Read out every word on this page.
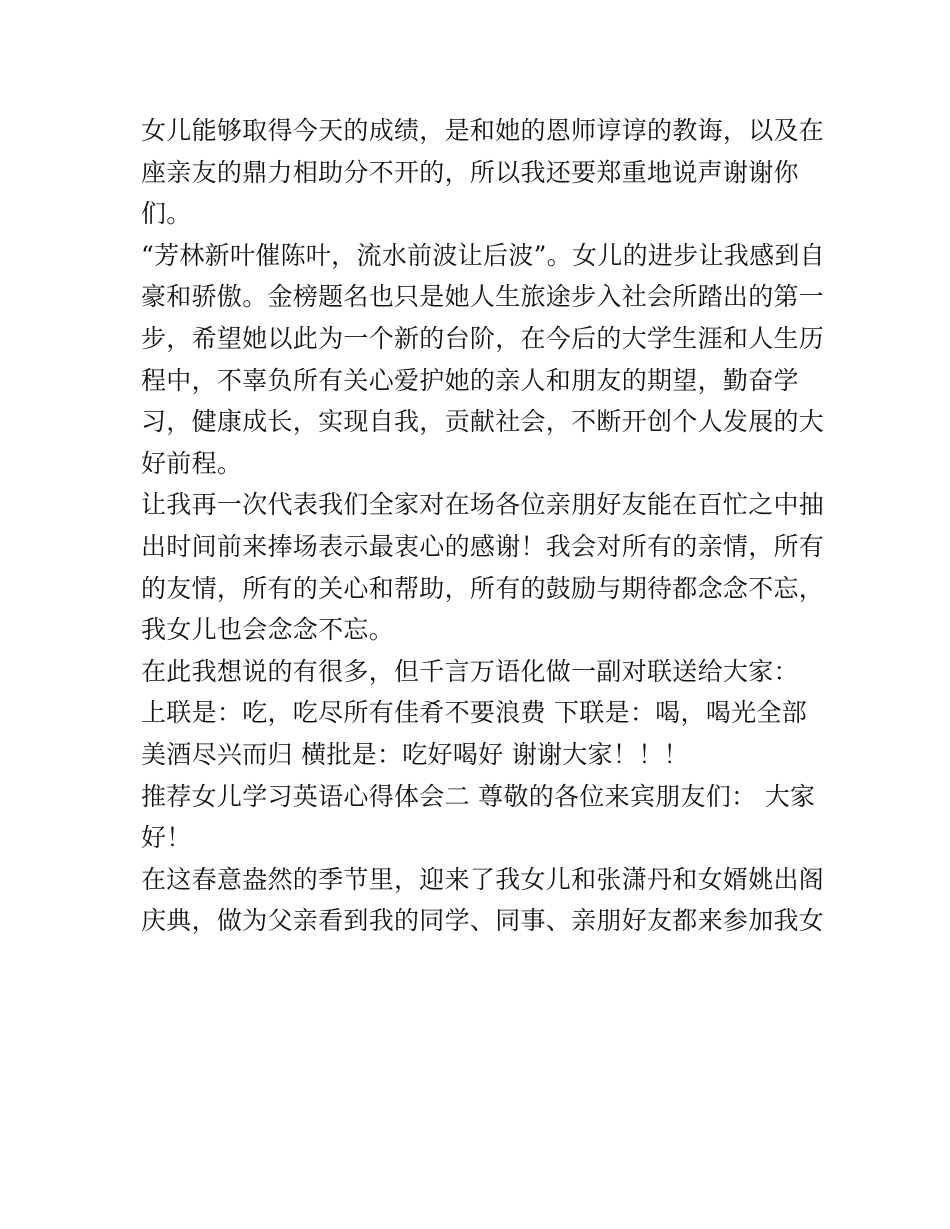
女儿能够取得今天的成绩，是和她的恩师谆谆的教诲，以及在
座亲友的鼎力相助分不开的，所以我还要郑重地说声谢谢你
们。
“芳林新叶催陈叶，流水前波让后波”。女儿的进步让我感到自
豪和骄傲。金榜题名也只是她人生旅途步入社会所踏出的第一
步，希望她以此为一个新的台阶，在今后的大学生涯和人生历
程中，不辜负所有关心爱护她的亲人和朋友的期望，勤奋学
习，健康成长，实现自我，贡献社会，不断开创个人发展的大
好前程。
让我再一次代表我们全家对在场各位亲朋好友能在百忙之中抽
出时间前来捧场表示最衷心的感谢！我会对所有的亲情，所有
的友情，所有的关心和帮助，所有的鼓励与期待都念念不忘，
我女儿也会念念不忘。
在此我想说的有很多，但千言万语化做一副对联送给大家：
上联是：吃，吃尽所有佳肴不要浪费 下联是：喝，喝光全部
美酒尽兴而归 横批是：吃好喝好 谢谢大家！！！
推荐女儿学习英语心得体会二 尊敬的各位来宾朋友们： 大家
好！
在这春意盎然的季节里，迎来了我女儿和张潇丹和女婿姚出阁
庆典，做为父亲看到我的同学、同事、亲朋好友都来参加我女
